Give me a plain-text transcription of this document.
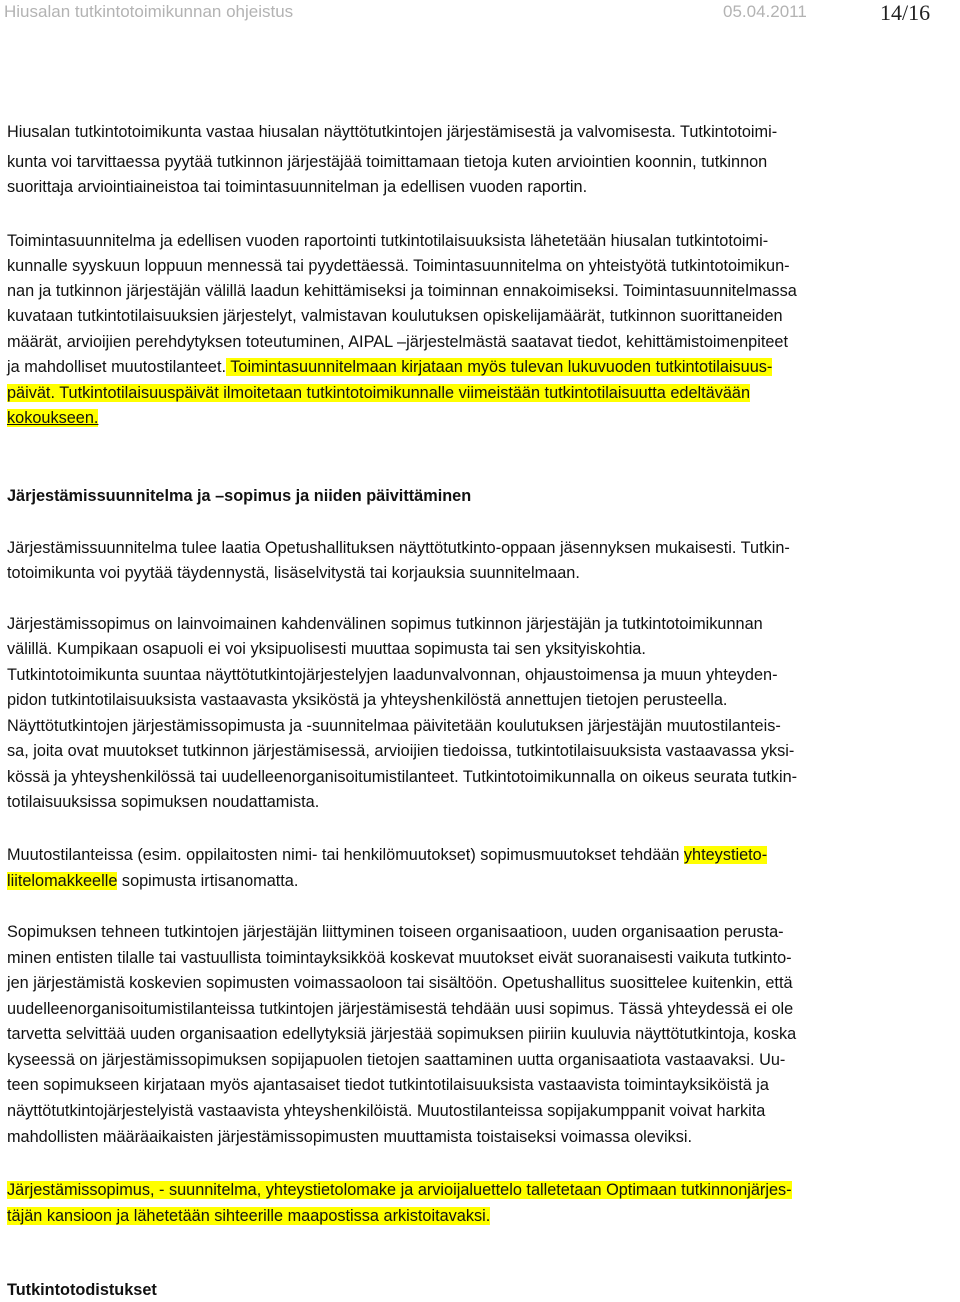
Hiusalan tutkintotoimikunnan ohjeistus	05.04.2011	14/16
Hiusalan tutkintotoimikunta vastaa hiusalan näyttötutkintojen järjestämisestä ja valvomisesta. Tutkintotoimi-
kunta voi tarvittaessa pyytää tutkinnon järjestäjää toimittamaan tietoja kuten arviointien koonnin, tutkinnon
suorittaja arviointiaineistoa tai toimintasuunnitelman ja edellisen vuoden raportin.
Toimintasuunnitelma ja edellisen vuoden raportointi tutkintotilaisuuksista lähetetään hiusalan tutkintotoimi-
kunnalle syyskuun loppuun mennessä tai pyydettäessä. Toimintasuunnitelma on yhteistyötä tutkintotoimikun-
nan ja tutkinnon järjestäjän välillä laadun kehittämiseksi ja toiminnan ennakoimiseksi. Toimintasuunnitelmassa
kuvataan tutkintotilaisuuksien järjestelyt, valmistavan koulutuksen opiskelijamäärät, tutkinnon suorittaneiden
määrät, arvioijien perehdytyksen toteutuminen, AIPAL –järjestelmästä saatavat tiedot, kehittämistoimenpiteet
ja mahdolliset muutostilanteet. Toimintasuunnitelmaan kirjataan myös tulevan lukuvuoden tutkintotilaisuus-
päivät. Tutkintotilaisuuspäivät ilmoitetaan tutkintotoimikunnalle viimeistään tutkintotilaisuutta edeltävään
kokoukseen.
Järjestämissuunnitelma ja –sopimus ja niiden päivittäminen
Järjestämissuunnitelma tulee laatia Opetushallituksen näyttötutkinto-oppaan jäsennyksen mukaisesti. Tutkin-
totoimikunta voi pyytää täydennystä, lisäselvitystä tai korjauksia suunnitelmaan.
Järjestämissopimus on lainvoimainen kahdenvälinen sopimus tutkinnon järjestäjän ja tutkintotoimikunnan
välillä. Kumpikaan osapuoli ei voi yksipuolisesti muuttaa sopimusta tai sen yksityiskohtia.
Tutkintotoimikunta suuntaa näyttötutkintojärjestelyjen laadunvalvonnan, ohjaustoimensa ja muun yhteyden-
pidon tutkintotilaisuuksista vastaavasta yksiköstä ja yhteyshenkilöstä annettujen tietojen perusteella.
Näyttötutkintojen järjestämissopimusta ja -suunnitelmaa päivitetään koulutuksen järjestäjän muutostilanteis-
sa, joita ovat muutokset tutkinnon järjestämisessä, arvioijien tiedoissa, tutkintotilaisuuksista vastaavassa yksi-
kössä ja yhteyshenkilössä tai uudelleenorganisoitumistilanteet. Tutkintotoimikunnalla on oikeus seurata tutkin-
totilaisuuksissa sopimuksen noudattamista.
Muutostilanteissa (esim. oppilaitosten nimi- tai henkilömuutokset) sopimusmuutokset tehdään yhteystieto-
liitelomakkeelle sopimusta irtisanomatta.
Sopimuksen tehneen tutkintojen järjestäjän liittyminen toiseen organisaatioon, uuden organisaation perusta-
minen entisten tilalle tai vastuullista toimintayksikköä koskevat muutokset eivät suoranaisesti vaikuta tutkinto-
jen järjestämistä koskevien sopimusten voimassaoloon tai sisältöön. Opetushallitus suosittelee kuitenkin, että
uudelleenorganisoitumistilanteissa tutkintojen järjestämisestä tehdään uusi sopimus. Tässä yhteydessä ei ole
tarvetta selvittää uuden organisaation edellytyksiä järjestää sopimuksen piiriin kuuluvia näyttötutkintoja, koska
kyseessä on järjestämissopimuksen sopijapuolen tietojen saattaminen uutta organisaatiota vastaavaksi. Uu-
teen sopimukseen kirjataan myös ajantasaiset tiedot tutkintotilaisuuksista vastaavista toimintayksiköistä ja
näyttötutkintojärjestelyistä vastaavista yhteyshenkilöistä. Muutostilanteissa sopijakumppanit voivat harkita
mahdollisten määräaikaisten järjestämissopimusten muuttamista toistaiseksi voimassa oleviksi.
Järjestämissopimus, - suunnitelma, yhteystietolomake ja arvioijaluettelo talletetaan Optimaan tutkinnonjärjes-
täjän kansioon ja lähetetään sihteerille maapostissa arkistoitavaksi.
Tutkintotodistukset
